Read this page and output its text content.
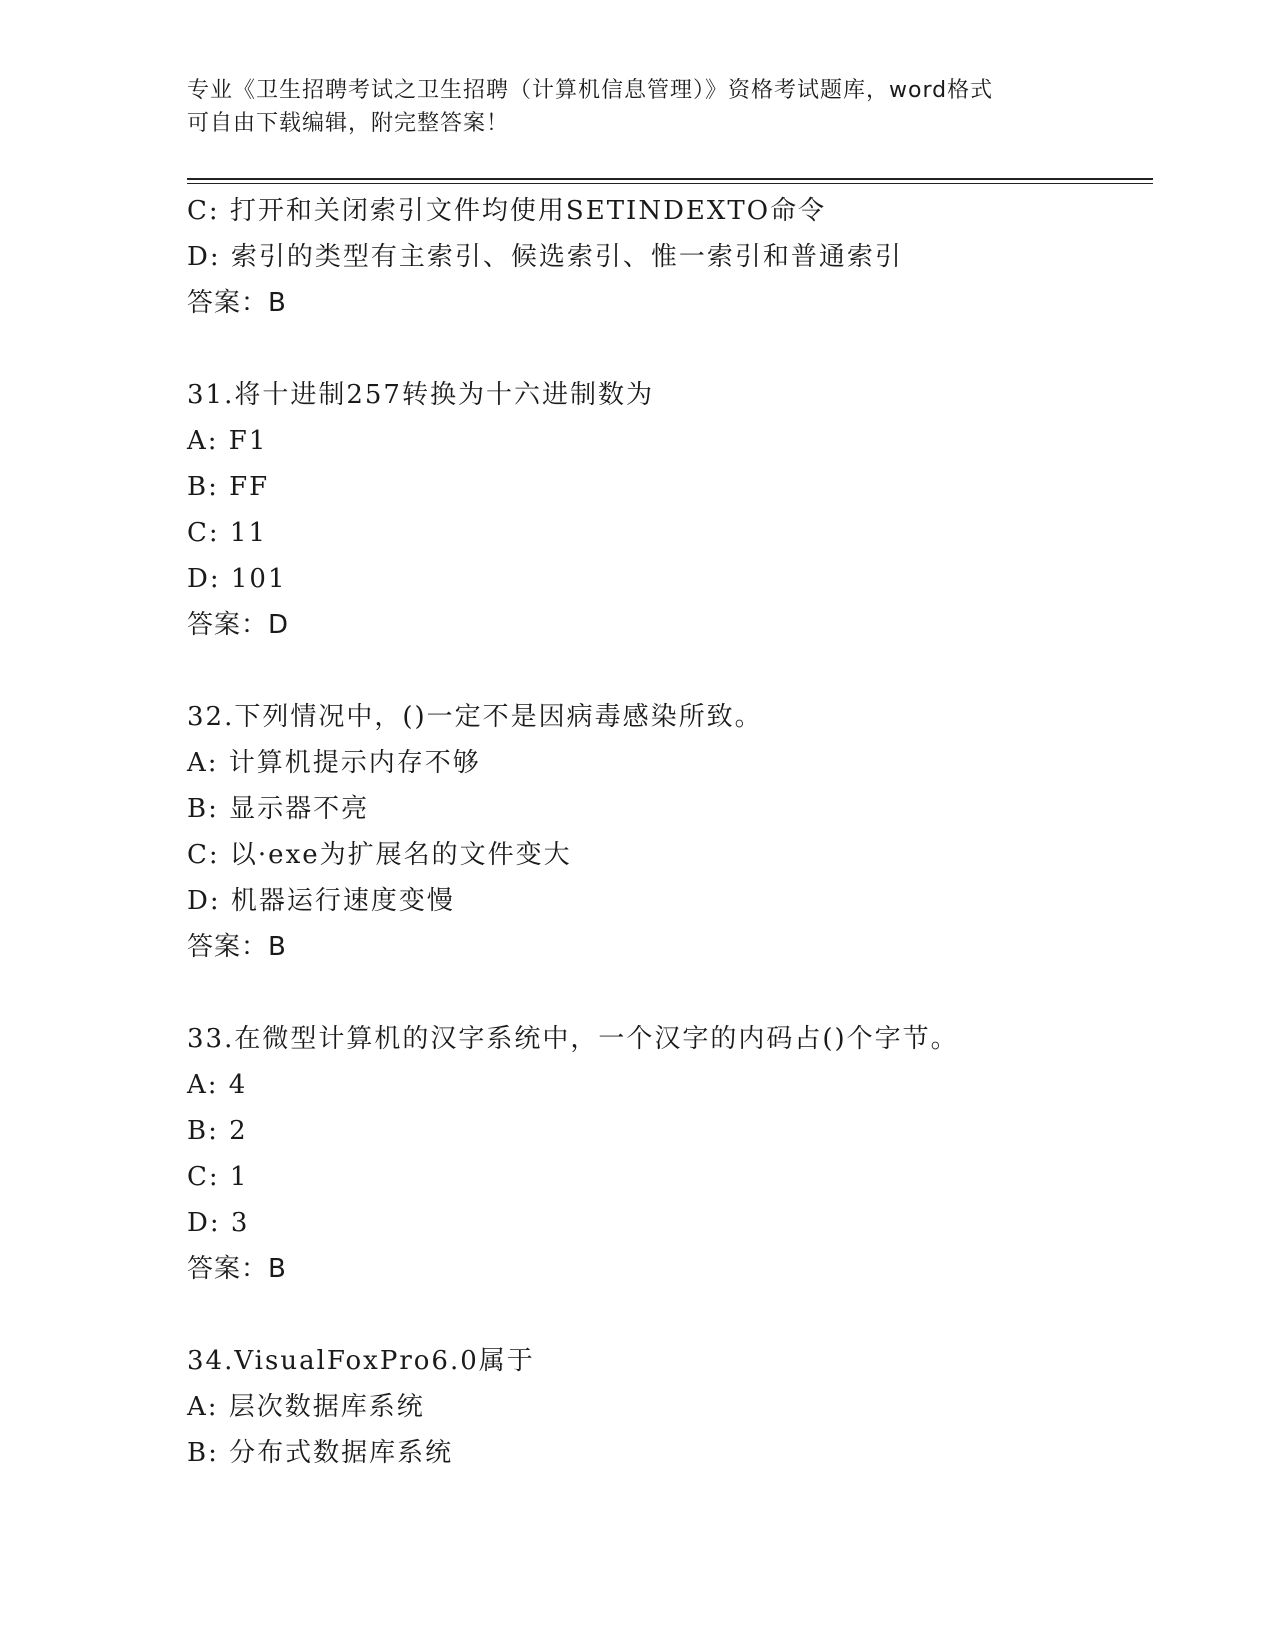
专业《卫生招聘考试之卫生招聘（计算机信息管理）》资格考试题库，word格式
可自由下载编辑，附完整答案！
C: 打开和关闭索引文件均使用SETINDEXTO命令
D: 索引的类型有主索引、候选索引、惟一索引和普通索引
答案：B
31.将十进制257转换为十六进制数为
A: F1
B: FF
C: 11
D: 101
答案：D
32.下列情况中，()一定不是因病毒感染所致。
A: 计算机提示内存不够
B: 显示器不亮
C: 以·exe为扩展名的文件变大
D: 机器运行速度变慢
答案：B
33.在微型计算机的汉字系统中，一个汉字的内码占()个字节。
A: 4
B: 2
C: 1
D: 3
答案：B
34.VisualFoxPro6.0属于
A: 层次数据库系统
B: 分布式数据库系统
